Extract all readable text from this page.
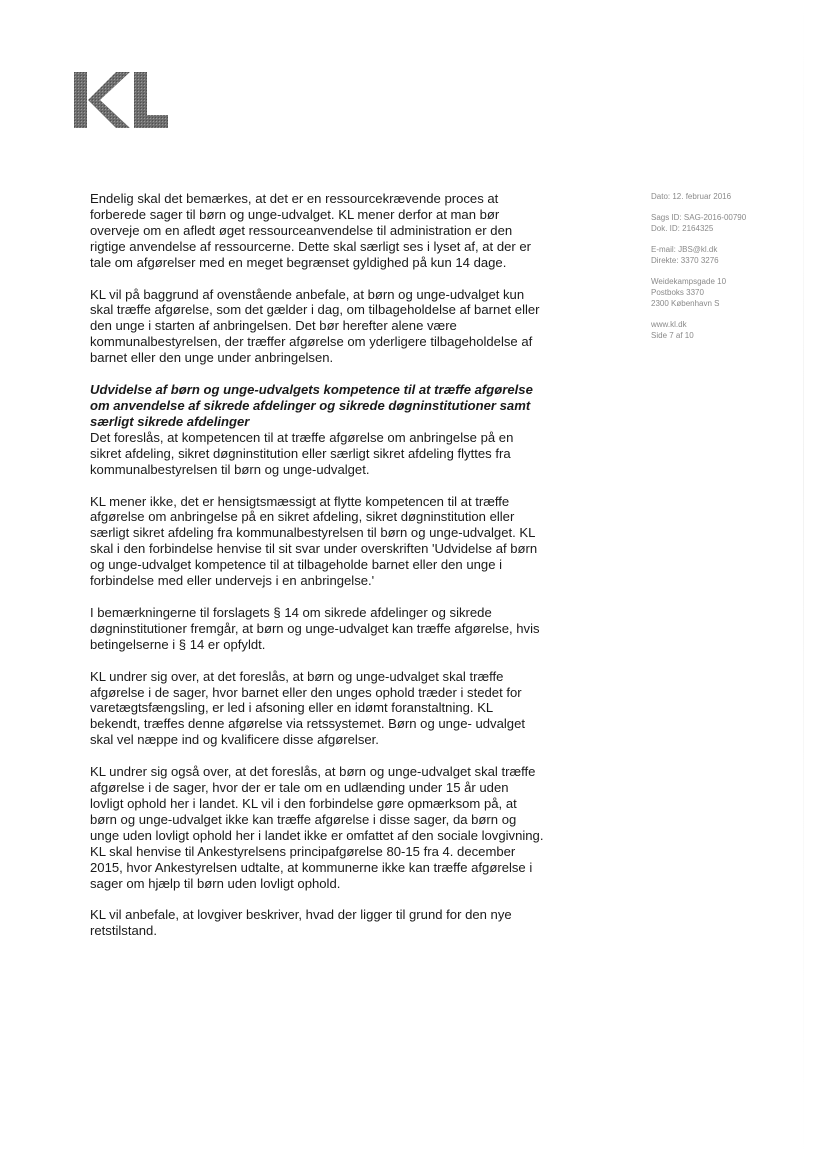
Endelig skal det bemærkes, at det er en ressourcekrævende proces at forberede sager til børn og unge-udvalget. KL mener derfor at man bør overveje om en afledt øget ressourceanvendelse til administration er den rigtige anvendelse af ressourcerne. Dette skal særligt ses i lyset af, at der er tale om afgørelser med en meget begrænset gyldighed på kun 14 dage.

KL vil på baggrund af ovenstående anbefale, at børn og unge-udvalget kun skal træffe afgørelse, som det gælder i dag, om tilbageholdelse af barnet eller den unge i starten af anbringelsen. Det bør herefter alene være kommunalbestyrelsen, der træffer afgørelse om yderligere tilbageholdelse af barnet eller den unge under anbringelsen.

Udvidelse af børn og unge-udvalgets kompetence til at træffe afgørelse om anvendelse af sikrede afdelinger og sikrede døgninstitutioner samt særligt sikrede afdelinger

Det foreslås, at kompetencen til at træffe afgørelse om anbringelse på en sikret afdeling, sikret døgninstitution eller særligt sikret afdeling flyttes fra kommunalbestyrelsen til børn og unge-udvalget.

KL mener ikke, det er hensigtsmæssigt at flytte kompetencen til at træffe afgørelse om anbringelse på en sikret afdeling, sikret døgninstitution eller særligt sikret afdeling fra kommunalbestyrelsen til børn og unge-udvalget. KL skal i den forbindelse henvise til sit svar under overskriften 'Udvidelse af børn og unge-udvalget kompetence til at tilbageholde barnet eller den unge i forbindelse med eller undervejs i en anbringelse.'

I bemærkningerne til forslagets § 14 om sikrede afdelinger og sikrede døgninstitutioner fremgår, at børn og unge-udvalget kan træffe afgørelse, hvis betingelserne i § 14 er opfyldt.

KL undrer sig over, at det foreslås, at børn og unge-udvalget skal træffe afgørelse i de sager, hvor barnet eller den unges ophold træder i stedet for varetægtsfængsling, er led i afsoning eller en idømt foranstaltning. KL bekendt, træffes denne afgørelse via retssystemet. Børn og unge- udvalget skal vel næppe ind og kvalificere disse afgørelser.

KL undrer sig også over, at det foreslås, at børn og unge-udvalget skal træffe afgørelse i de sager, hvor der er tale om en udlænding under 15 år uden lovligt ophold her i landet. KL vil i den forbindelse gøre opmærksom på, at børn og unge-udvalget ikke kan træffe afgørelse i disse sager, da børn og unge uden lovligt ophold her i landet ikke er omfattet af den sociale lovgivning. KL skal henvise til Ankestyrelsens principafgørelse 80-15 fra 4. december 2015, hvor Ankestyrelsen udtalte, at kommunerne ikke kan træffe afgørelse i sager om hjælp til børn uden lovligt ophold.

KL vil anbefale, at lovgiver beskriver, hvad der ligger til grund for den nye retstilstand.

Dato: 12. februar 2016
Sags ID: SAG-2016-00790
Dok. ID: 2164325
E-mail: JBS@kl.dk
Direkte: 3370 3276
Weidekampsgade 10
Postboks 3370
2300 København S
www.kl.dk
Side 7 af 10
